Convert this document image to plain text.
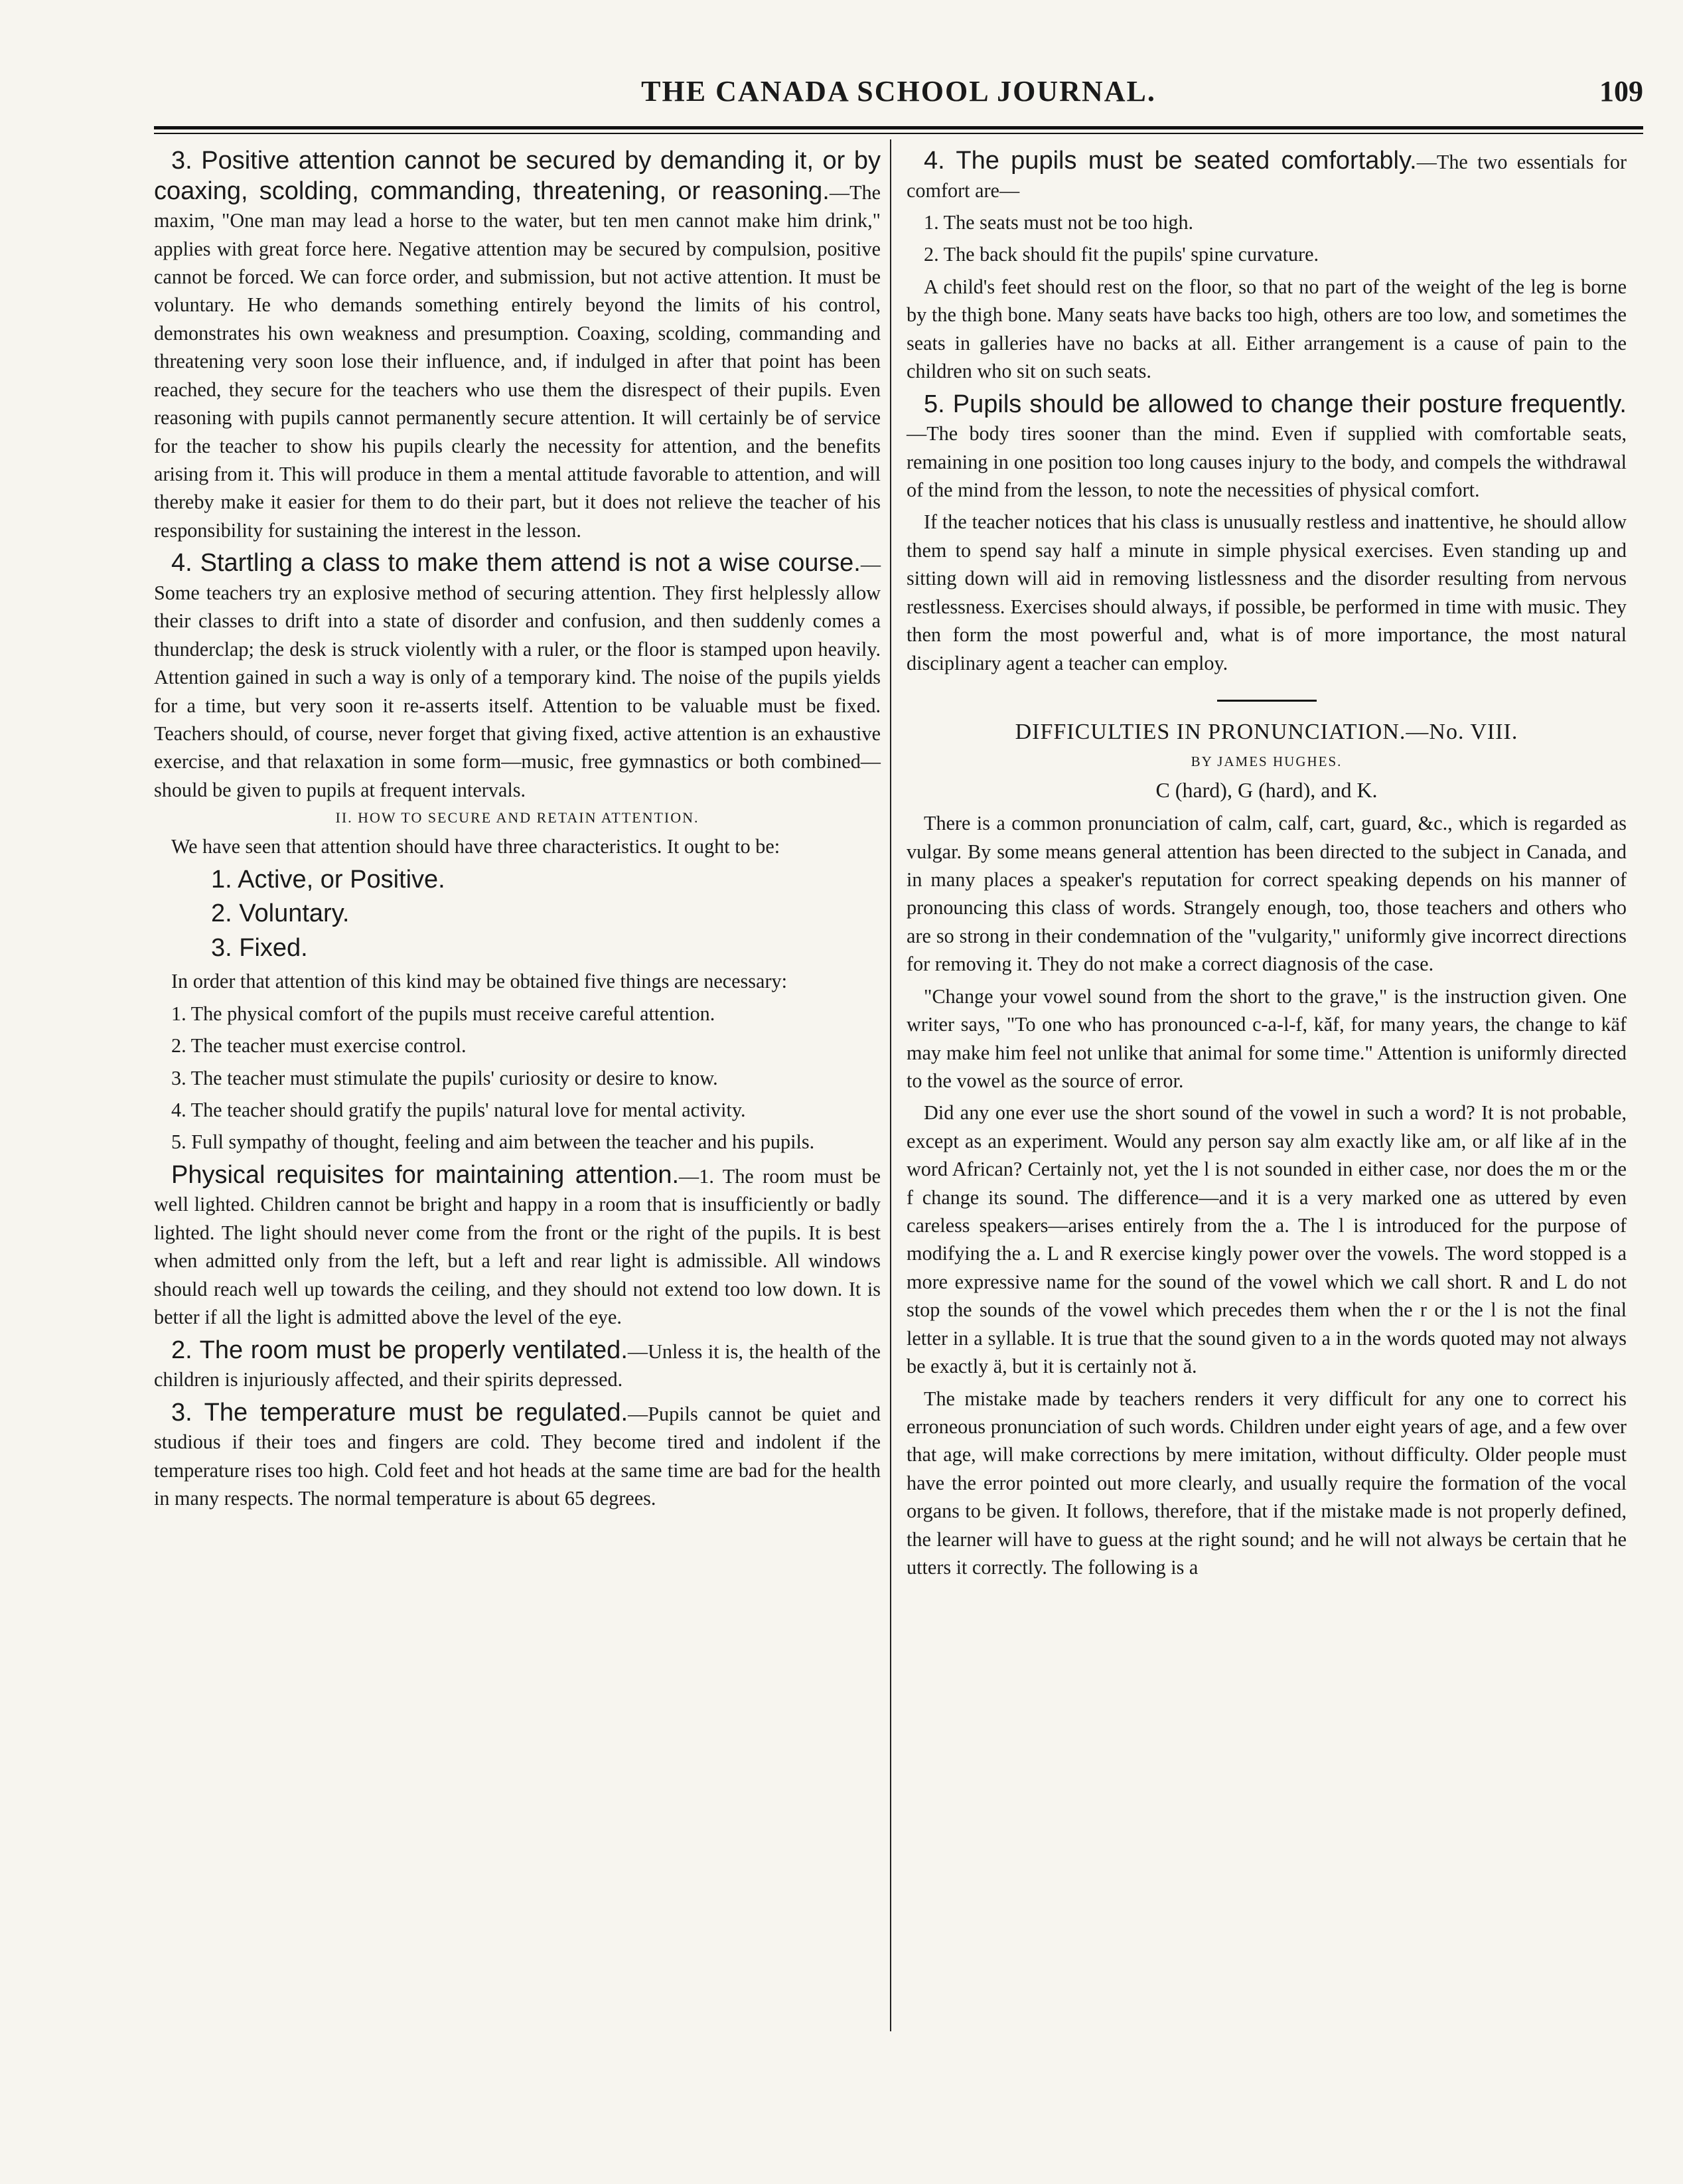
THE CANADA SCHOOL JOURNAL.	109

3. Positive attention cannot be secured by demanding it, or by coaxing, scolding, commanding, threatening, or reasoning.—The maxim, "One man may lead a horse to the water, but ten men cannot make him drink," applies with great force here. Negative attention may be secured by compulsion, positive cannot be forced. We can force order, and submission, but not active attention. It must be voluntary. He who demands something entirely beyond the limits of his control, demonstrates his own weakness and presumption. Coaxing, scolding, commanding and threatening very soon lose their influence, and, if indulged in after that point has been reached, they secure for the teachers who use them the disrespect of their pupils. Even reasoning with pupils cannot permanently secure attention. It will certainly be of service for the teacher to show his pupils clearly the necessity for attention, and the benefits arising from it. This will produce in them a mental attitude favorable to attention, and will thereby make it easier for them to do their part, but it does not relieve the teacher of his responsibility for sustaining the interest in the lesson.

4. Startling a class to make them attend is not a wise course.—Some teachers try an explosive method of securing attention. They first helplessly allow their classes to drift into a state of disorder and confusion, and then suddenly comes a thunderclap; the desk is struck violently with a ruler, or the floor is stamped upon heavily. Attention gained in such a way is only of a temporary kind. The noise of the pupils yields for a time, but very soon it re-asserts itself. Attention to be valuable must be fixed. Teachers should, of course, never forget that giving fixed, active attention is an exhaustive exercise, and that relaxation in some form—music, free gymnastics or both combined—should be given to pupils at frequent intervals.

II. HOW TO SECURE AND RETAIN ATTENTION.

We have seen that attention should have three characteristics. It ought to be:

1. Active, or Positive.

2. Voluntary.

3. Fixed.

In order that attention of this kind may be obtained five things are necessary:

1. The physical comfort of the pupils must receive careful attention.

2. The teacher must exercise control.

3. The teacher must stimulate the pupils' curiosity or desire to know.

4. The teacher should gratify the pupils' natural love for mental activity.

5. Full sympathy of thought, feeling and aim between the teacher and his pupils.

Physical requisites for maintaining attention.—1. The room must be well lighted. Children cannot be bright and happy in a room that is insufficiently or badly lighted. The light should never come from the front or the right of the pupils. It is best when admitted only from the left, but a left and rear light is admissible. All windows should reach well up towards the ceiling, and they should not extend too low down. It is better if all the light is admitted above the level of the eye.

2. The room must be properly ventilated.—Unless it is, the health of the children is injuriously affected, and their spirits depressed.

3. The temperature must be regulated.—Pupils cannot be quiet and studious if their toes and fingers are cold. They become tired and indolent if the temperature rises too high. Cold feet and hot heads at the same time are bad for the health in many respects. The normal temperature is about 65 degrees.

4. The pupils must be seated comfortably.—The two essentials for comfort are—

1. The seats must not be too high.

2. The back should fit the pupils' spine curvature.

A child's feet should rest on the floor, so that no part of the weight of the leg is borne by the thigh bone. Many seats have backs too high, others are too low, and sometimes the seats in galleries have no backs at all. Either arrangement is a cause of pain to the children who sit on such seats.

5. Pupils should be allowed to change their posture frequently.—The body tires sooner than the mind. Even if supplied with comfortable seats, remaining in one position too long causes injury to the body, and compels the withdrawal of the mind from the lesson, to note the necessities of physical comfort.

If the teacher notices that his class is unusually restless and inattentive, he should allow them to spend say half a minute in simple physical exercises. Even standing up and sitting down will aid in removing listlessness and the disorder resulting from nervous restlessness. Exercises should always, if possible, be performed in time with music. They then form the most powerful and, what is of more importance, the most natural disciplinary agent a teacher can employ.

DIFFICULTIES IN PRONUNCIATION.—No. VIII.

BY JAMES HUGHES.

C (hard), G (hard), and K.

There is a common pronunciation of calm, calf, cart, guard, &c., which is regarded as vulgar. By some means general attention has been directed to the subject in Canada, and in many places a speaker's reputation for correct speaking depends on his manner of pronouncing this class of words. Strangely enough, too, those teachers and others who are so strong in their condemnation of the "vulgarity," uniformly give incorrect directions for removing it. They do not make a correct diagnosis of the case.

"Change your vowel sound from the short to the grave," is the instruction given. One writer says, "To one who has pronounced c-a-l-f, kăf, for many years, the change to käf may make him feel not unlike that animal for some time." Attention is uniformly directed to the vowel as the source of error.

Did any one ever use the short sound of the vowel in such a word? It is not probable, except as an experiment. Would any person say alm exactly like am, or alf like af in the word African? Certainly not, yet the l is not sounded in either case, nor does the m or the f change its sound. The difference—and it is a very marked one as uttered by even careless speakers—arises entirely from the a. The l is introduced for the purpose of modifying the a. L and R exercise kingly power over the vowels. The word stopped is a more expressive name for the sound of the vowel which we call short. R and L do not stop the sounds of the vowel which precedes them when the r or the l is not the final letter in a syllable. It is true that the sound given to a in the words quoted may not always be exactly ä, but it is certainly not ă.

The mistake made by teachers renders it very difficult for any one to correct his erroneous pronunciation of such words. Children under eight years of age, and a few over that age, will make corrections by mere imitation, without difficulty. Older people must have the error pointed out more clearly, and usually require the formation of the vocal organs to be given. It follows, therefore, that if the mistake made is not properly defined, the learner will have to guess at the right sound; and he will not always be certain that he utters it correctly. The following is a
